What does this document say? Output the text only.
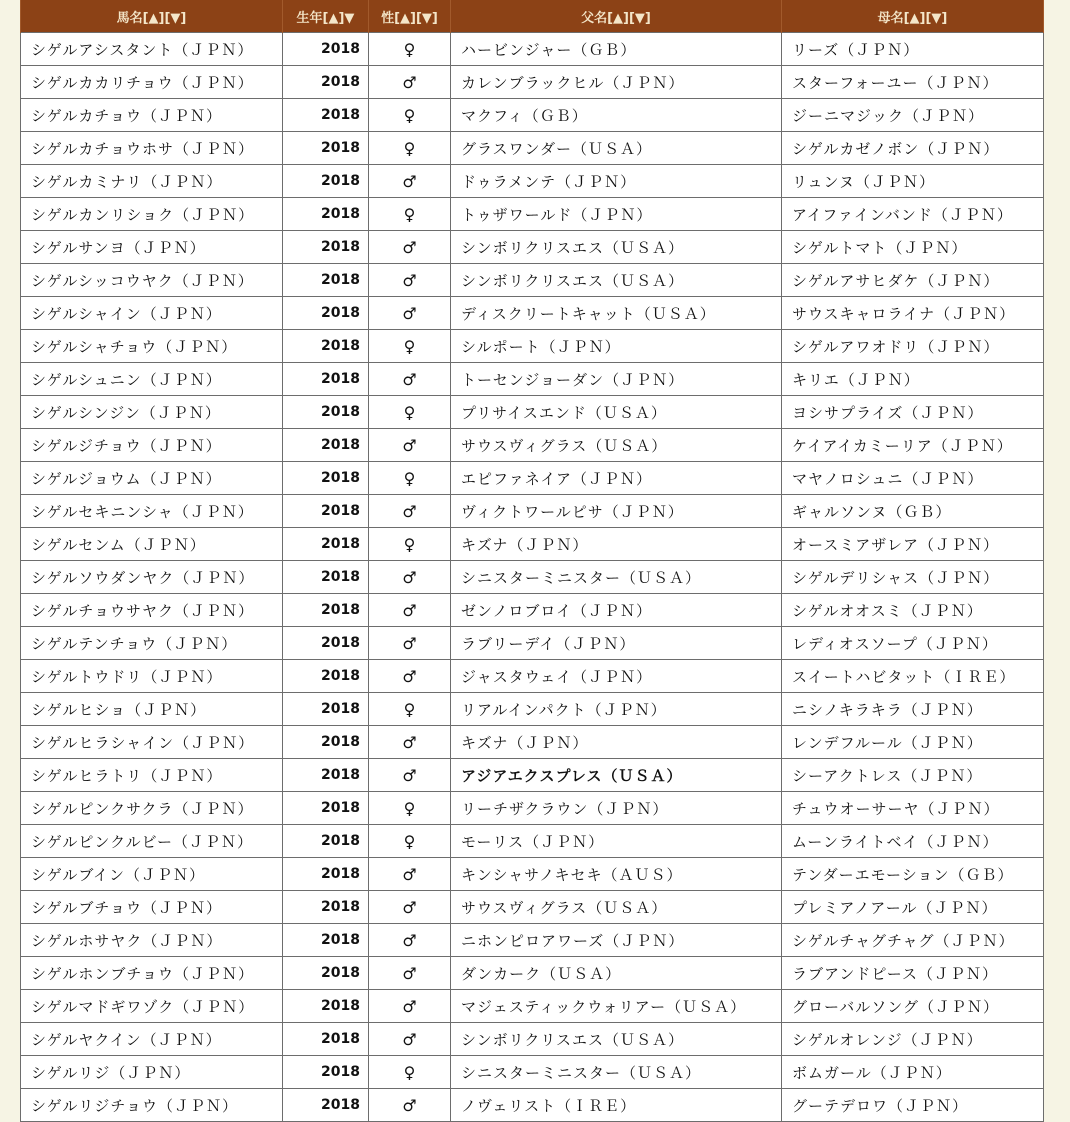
馬名[▲][▼]	生年[▲]▼	性[▲][▼]	父名[▲][▼]	母名[▲][▼]
シゲルアシスタント（ＪＰＮ）	2018	♀	ハービンジャー（ＧＢ）	リーズ（ＪＰＮ）
シゲルカカリチョウ（ＪＰＮ）	2018	♂	カレンブラックヒル（ＪＰＮ）	スターフォーユー（ＪＰＮ）
シゲルカチョウ（ＪＰＮ）	2018	♀	マクフィ（ＧＢ）	ジーニマジック（ＪＰＮ）
シゲルカチョウホサ（ＪＰＮ）	2018	♀	グラスワンダー（ＵＳＡ）	シゲルカゼノボン（ＪＰＮ）
シゲルカミナリ（ＪＰＮ）	2018	♂	ドゥラメンテ（ＪＰＮ）	リュンヌ（ＪＰＮ）
シゲルカンリショク（ＪＰＮ）	2018	♀	トゥザワールド（ＪＰＮ）	アイファインバンド（ＪＰＮ）
シゲルサンヨ（ＪＰＮ）	2018	♂	シンボリクリスエス（ＵＳＡ）	シゲルトマト（ＪＰＮ）
シゲルシッコウヤク（ＪＰＮ）	2018	♂	シンボリクリスエス（ＵＳＡ）	シゲルアサヒダケ（ＪＰＮ）
シゲルシャイン（ＪＰＮ）	2018	♂	ディスクリートキャット（ＵＳＡ）	サウスキャロライナ（ＪＰＮ）
シゲルシャチョウ（ＪＰＮ）	2018	♀	シルポート（ＪＰＮ）	シゲルアワオドリ（ＪＰＮ）
シゲルシュニン（ＪＰＮ）	2018	♂	トーセンジョーダン（ＪＰＮ）	キリエ（ＪＰＮ）
シゲルシンジン（ＪＰＮ）	2018	♀	プリサイスエンド（ＵＳＡ）	ヨシサプライズ（ＪＰＮ）
シゲルジチョウ（ＪＰＮ）	2018	♂	サウスヴィグラス（ＵＳＡ）	ケイアイカミーリア（ＪＰＮ）
シゲルジョウム（ＪＰＮ）	2018	♀	エピファネイア（ＪＰＮ）	マヤノロシュニ（ＪＰＮ）
シゲルセキニンシャ（ＪＰＮ）	2018	♂	ヴィクトワールピサ（ＪＰＮ）	ギャルソンヌ（ＧＢ）
シゲルセンム（ＪＰＮ）	2018	♀	キズナ（ＪＰＮ）	オースミアザレア（ＪＰＮ）
シゲルソウダンヤク（ＪＰＮ）	2018	♂	シニスターミニスター（ＵＳＡ）	シゲルデリシャス（ＪＰＮ）
シゲルチョウサヤク（ＪＰＮ）	2018	♂	ゼンノロブロイ（ＪＰＮ）	シゲルオオスミ（ＪＰＮ）
シゲルテンチョウ（ＪＰＮ）	2018	♂	ラブリーデイ（ＪＰＮ）	レディオスソープ（ＪＰＮ）
シゲルトウドリ（ＪＰＮ）	2018	♂	ジャスタウェイ（ＪＰＮ）	スイートハビタット（ＩＲＥ）
シゲルヒショ（ＪＰＮ）	2018	♀	リアルインパクト（ＪＰＮ）	ニシノキラキラ（ＪＰＮ）
シゲルヒラシャイン（ＪＰＮ）	2018	♂	キズナ（ＪＰＮ）	レンデフルール（ＪＰＮ）
シゲルヒラトリ（ＪＰＮ）	2018	♂	アジアエクスプレス（ＵＳＡ）	シーアクトレス（ＪＰＮ）
シゲルピンクサクラ（ＪＰＮ）	2018	♀	リーチザクラウン（ＪＰＮ）	チュウオーサーヤ（ＪＰＮ）
シゲルピンクルビー（ＪＰＮ）	2018	♀	モーリス（ＪＰＮ）	ムーンライトベイ（ＪＰＮ）
シゲルブイン（ＪＰＮ）	2018	♂	キンシャサノキセキ（ＡＵＳ）	テンダーエモーション（ＧＢ）
シゲルブチョウ（ＪＰＮ）	2018	♂	サウスヴィグラス（ＵＳＡ）	プレミアノアール（ＪＰＮ）
シゲルホサヤク（ＪＰＮ）	2018	♂	ニホンピロアワーズ（ＪＰＮ）	シゲルチャグチャグ（ＪＰＮ）
シゲルホンブチョウ（ＪＰＮ）	2018	♂	ダンカーク（ＵＳＡ）	ラブアンドピース（ＪＰＮ）
シゲルマドギワゾク（ＪＰＮ）	2018	♂	マジェスティックウォリアー（ＵＳＡ）	グローバルソング（ＪＰＮ）
シゲルヤクイン（ＪＰＮ）	2018	♂	シンボリクリスエス（ＵＳＡ）	シゲルオレンジ（ＪＰＮ）
シゲルリジ（ＪＰＮ）	2018	♀	シニスターミニスター（ＵＳＡ）	ボムガール（ＪＰＮ）
シゲルリジチョウ（ＪＰＮ）	2018	♂	ノヴェリスト（ＩＲＥ）	グーテデロワ（ＪＰＮ）
